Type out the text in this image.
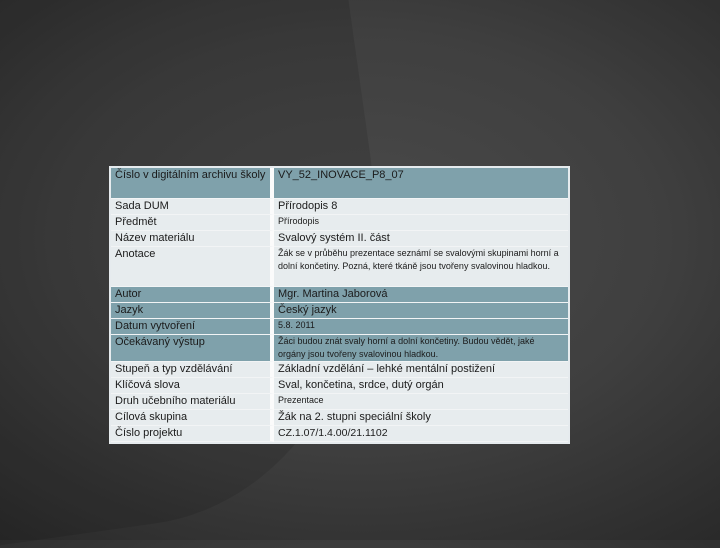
Číslo v digitálním archivu školy	VY_52_INOVACE_P8_07
Sada DUM	Přírodopis 8
Předmět	Přírodopis
Název materiálu	Svalový systém II. část
Anotace	Žák se v průběhu prezentace seznámí se svalovými skupinami horní a dolní končetiny. Pozná, které tkáně jsou tvořeny svalovinou hladkou.
Autor	Mgr. Martina Jaborová
Jazyk	Český jazyk
Datum vytvoření	5.8. 2011
Očekávaný výstup	Žáci budou znát svaly horní a dolní končetiny. Budou vědět, jaké orgány jsou tvořeny svalovinou hladkou.
Stupeň a typ vzdělávání	Základní vzdělání – lehké mentální postižení
Klíčová slova	Sval, končetina, srdce, dutý orgán
Druh učebního materiálu	Prezentace
Cílová skupina	Žák na 2. stupni speciální školy
Číslo projektu	CZ.1.07/1.4.00/21.1102
